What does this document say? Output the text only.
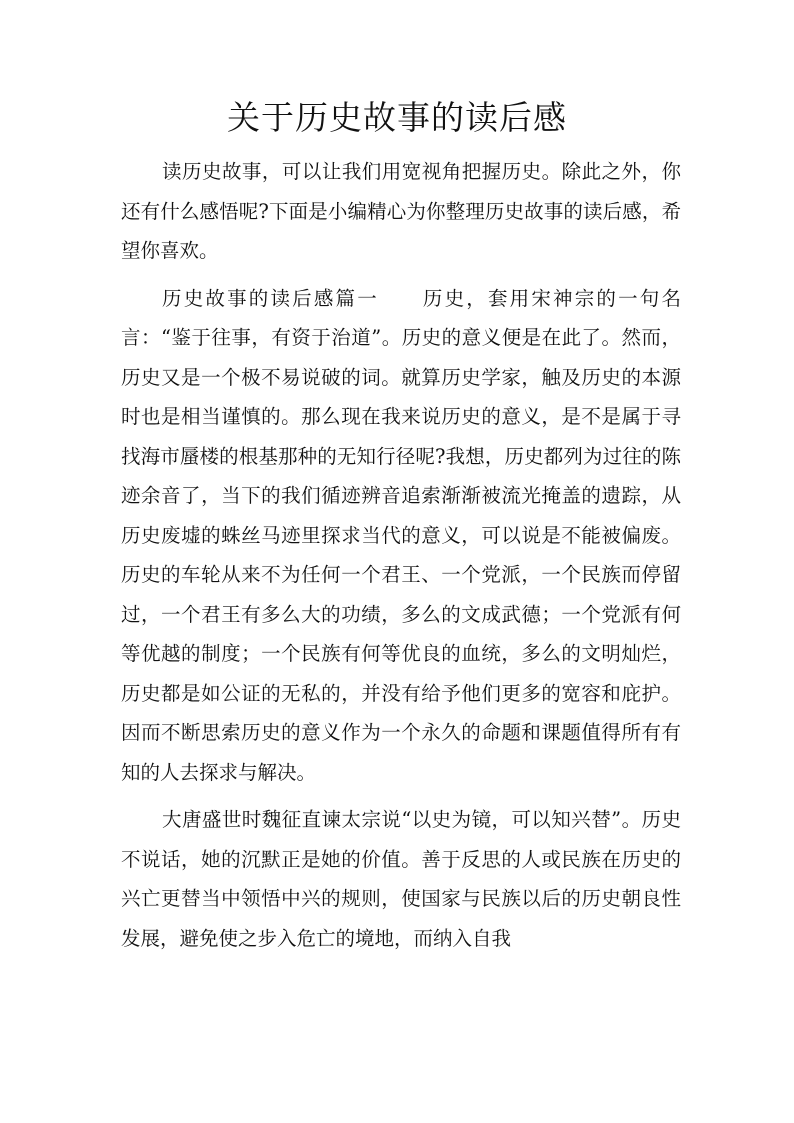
关于历史故事的读后感

读历史故事，可以让我们用宽视角把握历史。除此之外，你还有什么感悟呢?下面是小编精心为你整理历史故事的读后感，希望你喜欢。

历史故事的读后感篇一 历史，套用宋神宗的一句名言：“鉴于往事，有资于治道”。历史的意义便是在此了。然而，历史又是一个极不易说破的词。就算历史学家，触及历史的本源时也是相当谨慎的。那么现在我来说历史的意义，是不是属于寻找海市蜃楼的根基那种的无知行径呢?我想，历史都列为过往的陈迹余音了，当下的我们循迹辨音追索渐渐被流光掩盖的遗踪，从历史废墟的蛛丝马迹里探求当代的意义，可以说是不能被偏废。历史的车轮从来不为任何一个君王、一个党派，一个民族而停留过，一个君王有多么大的功绩，多么的文成武德；一个党派有何等优越的制度；一个民族有何等优良的血统，多么的文明灿烂，历史都是如公证的无私的，并没有给予他们更多的宽容和庇护。因而不断思索历史的意义作为一个永久的命题和课题值得所有有知的人去探求与解决。

大唐盛世时魏征直谏太宗说“以史为镜，可以知兴替”。历史不说话，她的沉默正是她的价值。善于反思的人或民族在历史的兴亡更替当中领悟中兴的规则，使国家与民族以后的历史朝良性发展，避免使之步入危亡的境地，而纳入自我
